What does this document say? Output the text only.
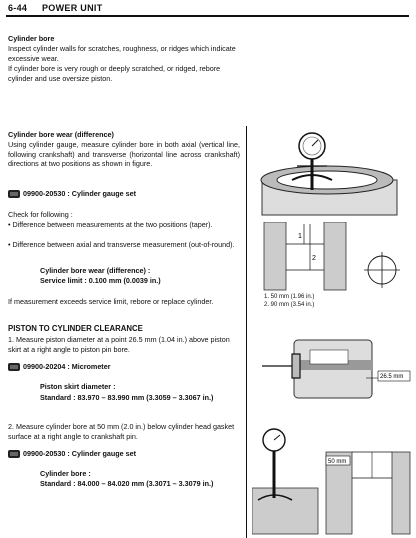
6-44 POWER UNIT
Cylinder bore
Inspect cylinder walls for scratches, roughness, or ridges which indicate excessive wear.
If cylinder bore is very rough or deeply scratched, or ridged, rebore cylinder and use oversize piston.
Cylinder bore wear (difference)
Using cylinder gauge, measure cylinder bore in both axial (vertical line, following crankshaft) and transverse (horizontal line across crankshaft) directions at two positions as shown in figure.
09900-20530 : Cylinder gauge set
Check for following :
• Difference between measurements at the two positions (taper).
• Difference between axial and transverse measurement (out-of-round).
Cylinder bore wear (difference) :
Service limit : 0.100 mm (0.0039 in.)
If measurement exceeds service limit, rebore or replace cylinder.
PISTON TO CYLINDER CLEARANCE
1. Measure piston diameter at a point 26.5 mm (1.04 in.) above piston skirt at a right angle to piston pin bore.
09900-20204 : Micrometer
Piston skirt diameter :
Standard : 83.970 – 83.990 mm (3.3059 – 3.3067 in.)
2. Measure cylinder bore at 50 mm (2.0 in.) below cylinder head gasket surface at a right angle to crankshaft pin.
09900-20530 : Cylinder gauge set
Cylinder bore :
Standard : 84.000 – 84.020 mm (3.3071 – 3.3079 in.)
1
2
1. 50 mm (1.96 in.)
2. 90 mm (3.54 in.)
26.5 mm
50 mm
